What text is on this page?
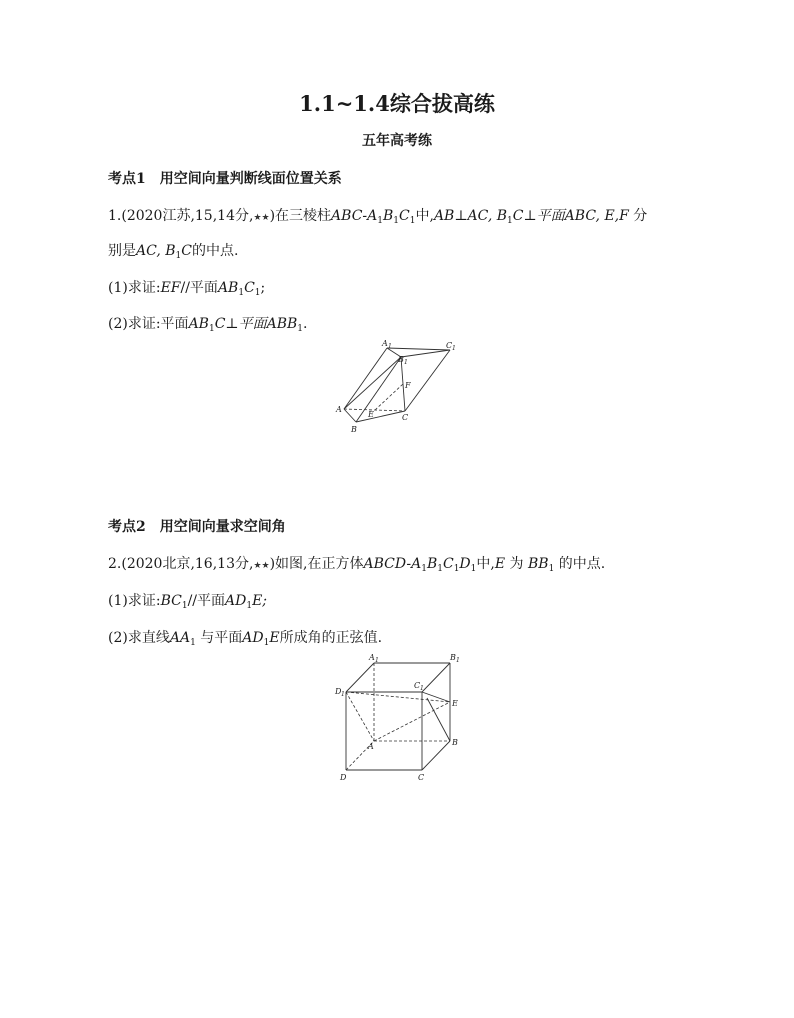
1.1~1.4综合拔高练
五年高考练
考点1 用空间向量判断线面位置关系
1.(2020江苏,15,14分,★★)在三棱柱ABC-$A_1B_1C_1$中,AB⊥AC, $B_1C\perp$平面ABC, E,F 分
别是AC, $B_1C$的中点.
(1)求证:EF//平面$AB_1C_1$;
(2)求证:平面$AB_1C\perp$平面$ABB_1$.
A 1
B 1
C 1
F
A
E
B
C
考点2 用空间向量求空间角
2.(2020北京,16,13分,★★)如图,在正方体ABCD-$A_1B_1C_1D_1$中,E 为 $BB_1$ 的中点.
(1)求证$:BC_1//$平面$AD_1E$;
(2)求直线$AA_1$ 与平面$AD_1E$所成角的正弦值.
A 1	B 1
D 1
C 1
E
A	B
D	C
